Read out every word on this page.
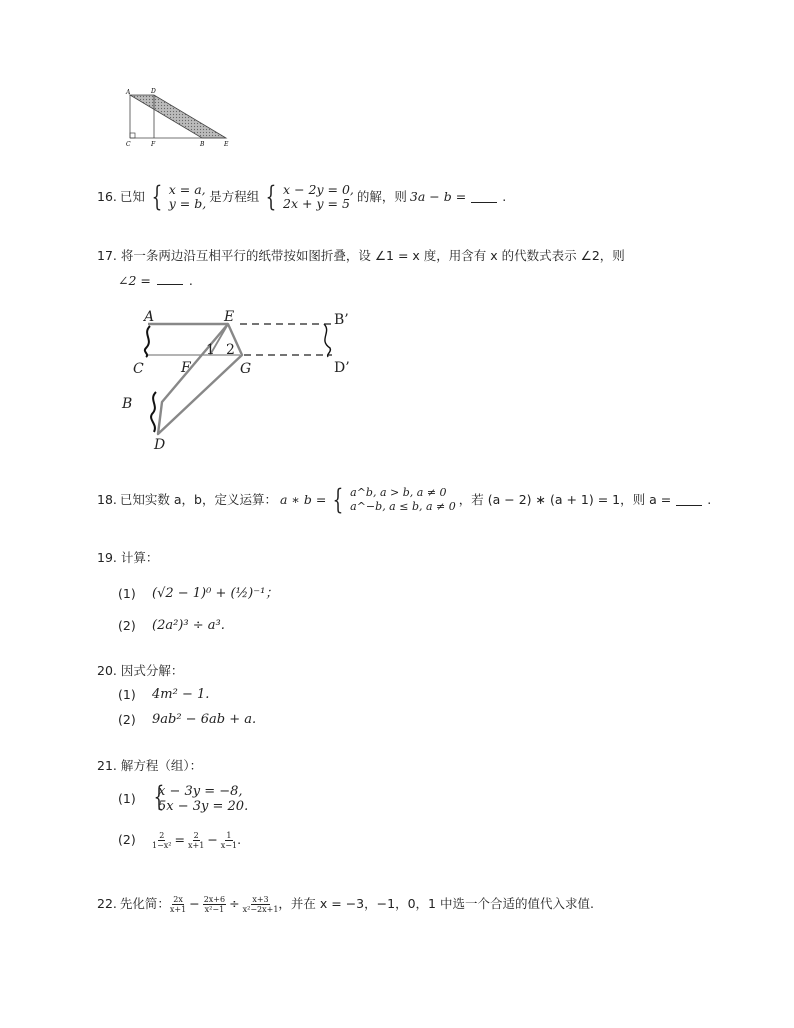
A	D
C	F	B	E
16. 已知 { x = a,
y = b, 是方程组 { x − 2y = 0,
2x + y = 5 的解，则 3a − b =	.
17. 将一条两边沿互相平行的纸带按如图折叠，设 ∠1 = x 度，用含有 x 的代数式表示 ∠2，则
∠2 =	.
A	E	B’
C	F
1 2
G	D’
B
D
18. 已知实数 a，b，定义运算： a ∗ b = { a^b, a > b, a ≠ 0
a^−b, a ≤ b, a ≠ 0 ，若 (a − 2) ∗ (a + 1) = 1，则 a =	.
19. 计算：
(1) (√2 − 1)⁰ + (½)⁻¹；
(2) (2a²)³ ÷ a³.
20. 因式分解：
(1) 4m² − 1.
(2) 9ab² − 6ab + a.
21. 解方程（组）：
(1) {
x − 3y = −8,
5x − 3y = 20.
(2)	$\frac{2}{\text{1−x²}} = \frac{2}{x+1} - \frac{1}{x-1}$ .
22. 先化简： $\frac{2x}{x+1} - \frac{2x+6}{\text{x²−1}} \div \frac{x+3}{\text{x²−2x+1}}$ ，并在 x = −3，−1，0，1 中选一个合适的值代入求值.
